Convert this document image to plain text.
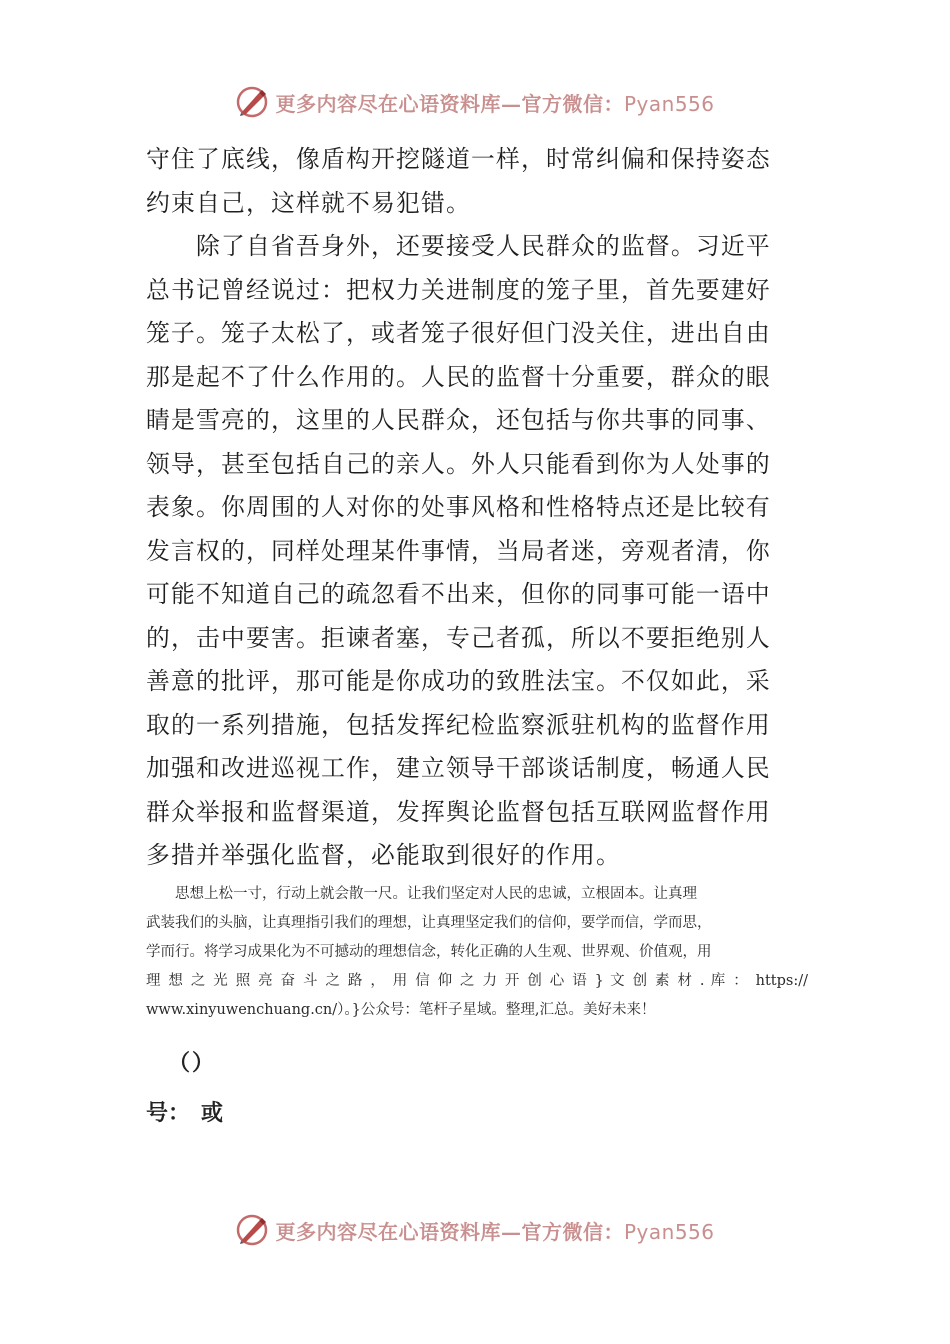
更多内容尽在心语资料库—官方微信：Pyan556
守住了底线，像盾构开挖隧道一样，时常纠偏和保持姿态
约束自己，这样就不易犯错。
　　除了自省吾身外，还要接受人民群众的监督。习近平
总书记曾经说过：把权力关进制度的笼子里，首先要建好
笼子。笼子太松了，或者笼子很好但门没关住，进出自由
那是起不了什么作用的。人民的监督十分重要，群众的眼
睛是雪亮的，这里的人民群众，还包括与你共事的同事、
领导，甚至包括自己的亲人。外人只能看到你为人处事的
表象。你周围的人对你的处事风格和性格特点还是比较有
发言权的，同样处理某件事情，当局者迷，旁观者清，你
可能不知道自己的疏忽看不出来，但你的同事可能一语中
的，击中要害。拒谏者塞，专己者孤，所以不要拒绝别人
善意的批评，那可能是你成功的致胜法宝。不仅如此，采
取的一系列措施，包括发挥纪检监察派驻机构的监督作用
加强和改进巡视工作，建立领导干部谈话制度，畅通人民
群众举报和监督渠道，发挥舆论监督包括互联网监督作用
多措并举强化监督，必能取到很好的作用。
　　思想上松一寸，行动上就会散一尺。让我们坚定对人民的忠诚，立根固本。让真理
武装我们的头脑，让真理指引我们的理想，让真理坚定我们的信仰，要学而信，学而思，
学而行。将学习成果化为不可撼动的理想信念，转化正确的人生观、世界观、价值观，用
理 想 之 光 照 亮 奋 斗 之 路 ， 用 信 仰 之 力 开 创 心 语 } 文 创 素 材 . 库 ： https://
www.xinyuwenchuang.cn/）。}公众号：笔杆子星域。整理,汇总。美好未来！
（）
号：　或
更多内容尽在心语资料库—官方微信：Pyan556
